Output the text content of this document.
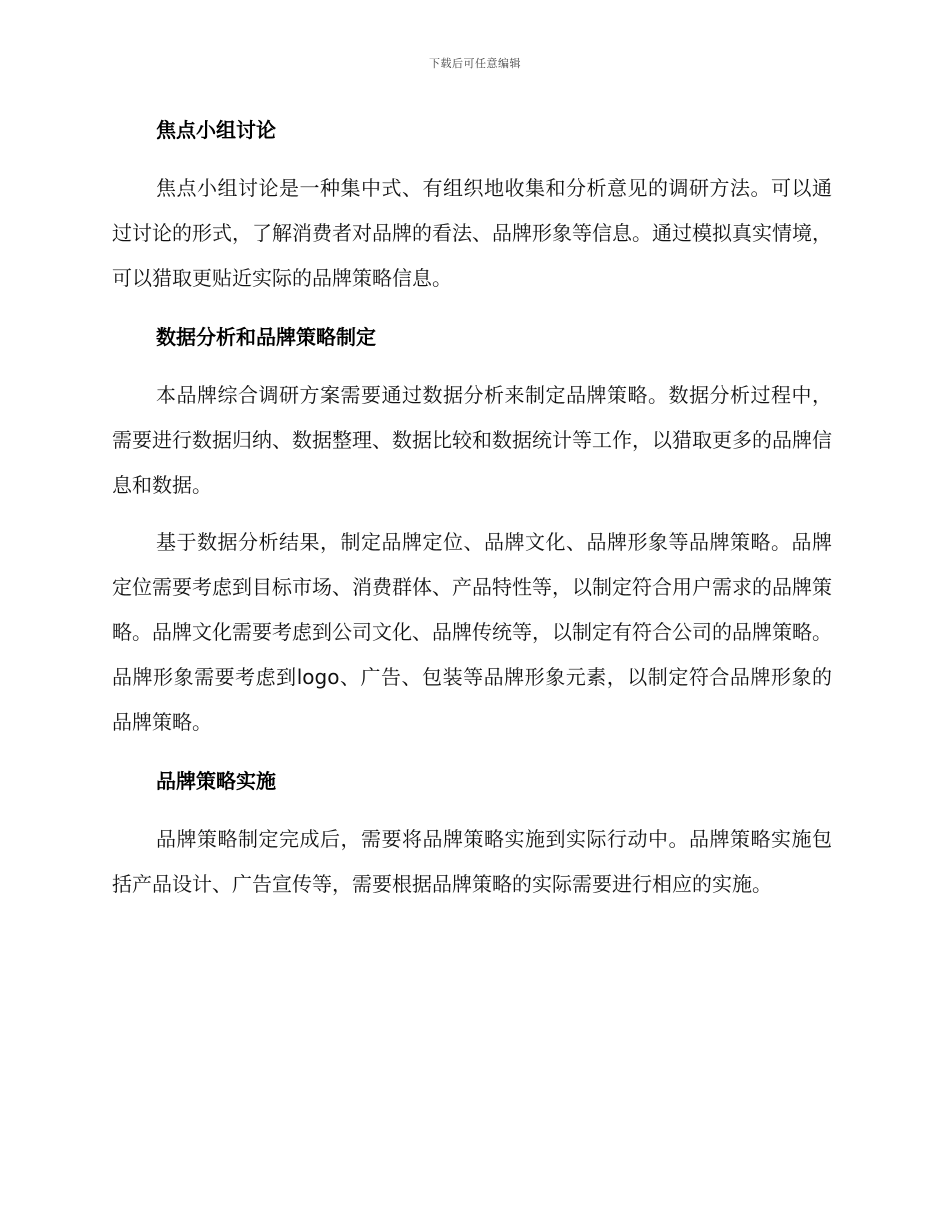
下载后可任意编辑
焦点小组讨论

焦点小组讨论是一种集中式、有组织地收集和分析意见的调研方法。可以通过讨论的形式，了解消费者对品牌的看法、品牌形象等信息。通过模拟真实情境，可以猎取更贴近实际的品牌策略信息。

数据分析和品牌策略制定

本品牌综合调研方案需要通过数据分析来制定品牌策略。数据分析过程中，需要进行数据归纳、数据整理、数据比较和数据统计等工作，以猎取更多的品牌信息和数据。

基于数据分析结果，制定品牌定位、品牌文化、品牌形象等品牌策略。品牌定位需要考虑到目标市场、消费群体、产品特性等，以制定符合用户需求的品牌策略。品牌文化需要考虑到公司文化、品牌传统等，以制定有符合公司的品牌策略。品牌形象需要考虑到logo、广告、包装等品牌形象元素，以制定符合品牌形象的品牌策略。

品牌策略实施

品牌策略制定完成后，需要将品牌策略实施到实际行动中。品牌策略实施包括产品设计、广告宣传等，需要根据品牌策略的实际需要进行相应的实施。
